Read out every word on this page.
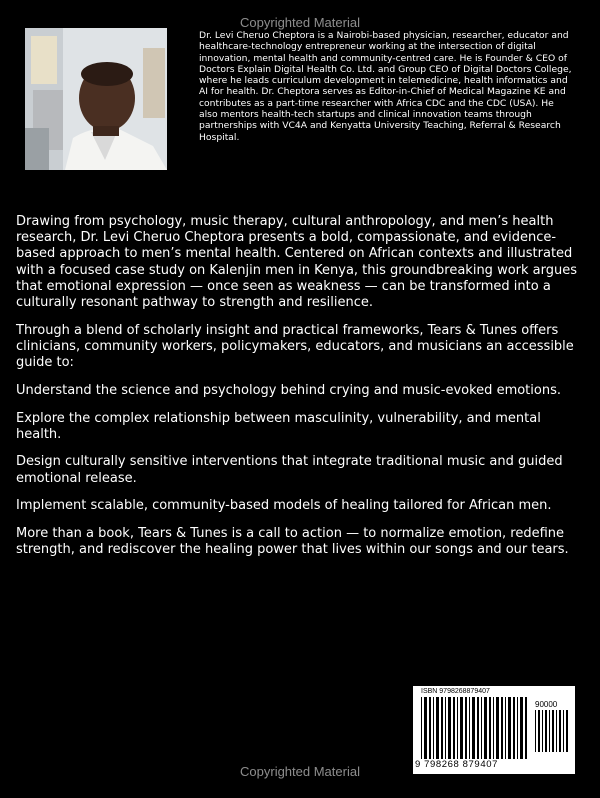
Copyrighted Material
Dr. Levi Cheruo Cheptora is a Nairobi-based physician, researcher, educator and healthcare-technology entrepreneur working at the intersection of digital innovation, mental health and community-centred care. He is Founder & CEO of Doctors Explain Digital Health Co. Ltd. and Group CEO of Digital Doctors College, where he leads curriculum development in telemedicine, health informatics and AI for health. Dr. Cheptora serves as Editor-in-Chief of Medical Magazine KE and contributes as a part-time researcher with Africa CDC and the CDC (USA). He also mentors health-tech startups and clinical innovation teams through partnerships with VC4A and Kenyatta University Teaching, Referral & Research Hospital.

Drawing from psychology, music therapy, cultural anthropology, and men’s health research, Dr. Levi Cheruo Cheptora presents a bold, compassionate, and evidence-based approach to men’s mental health. Centered on African contexts and illustrated with a focused case study on Kalenjin men in Kenya, this groundbreaking work argues that emotional expression — once seen as weakness — can be transformed into a culturally resonant pathway to strength and resilience.

Through a blend of scholarly insight and practical frameworks, Tears & Tunes offers clinicians, community workers, policymakers, educators, and musicians an accessible guide to:

Understand the science and psychology behind crying and music-evoked emotions.

Explore the complex relationship between masculinity, vulnerability, and mental health.

Design culturally sensitive interventions that integrate traditional music and guided emotional release.

Implement scalable, community-based models of healing tailored for African men.

More than a book, Tears & Tunes is a call to action — to normalize emotion, redefine strength, and rediscover the healing power that lives within our songs and our tears.

ISBN 9798268879407
90000
9 798268 879407
Copyrighted Material
